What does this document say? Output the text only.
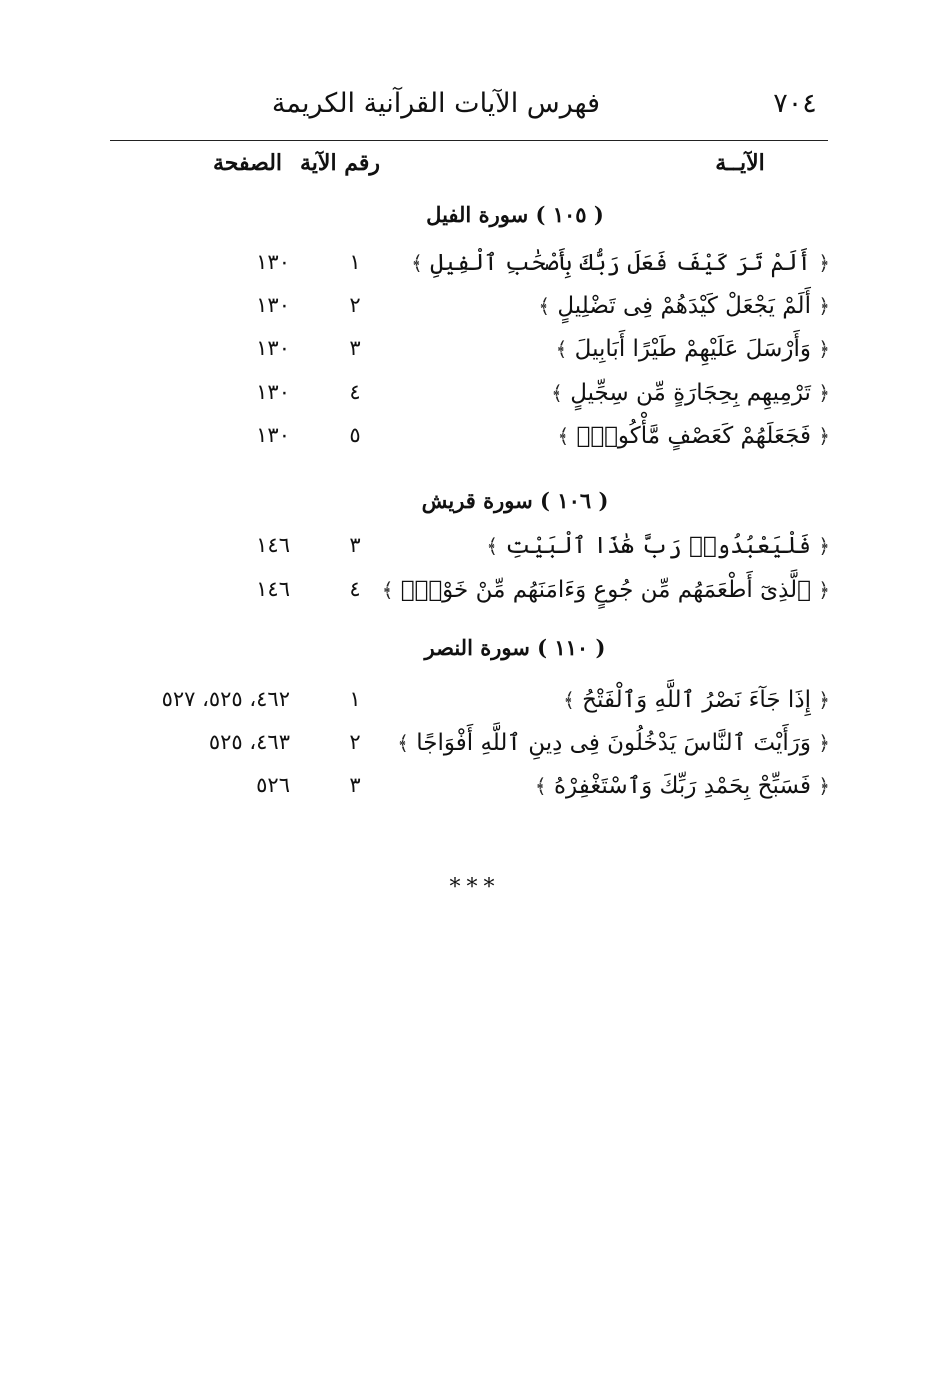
فهرس الآيات القرآنية الكريمة	٧٠٤
الآيــة
رقم الآية
الصفحة
( ١٠٥ ) سورة الفيل
﴿ أَلَمْ تَرَ كَيْفَ فَعَلَ رَبُّكَ بِأَصْحَٰبِ ٱلْفِيلِ ﴾
١
١٣٠
﴿ أَلَمْ يَجْعَلْ كَيْدَهُمْ فِى تَضْلِيلٍ ﴾
٢
١٣٠
﴿ وَأَرْسَلَ عَلَيْهِمْ طَيْرًا أَبَابِيلَ ﴾
٣
١٣٠
﴿ تَرْمِيهِم بِحِجَارَةٍ مِّن سِجِّيلٍ ﴾
٤
١٣٠
﴿ فَجَعَلَهُمْ كَعَصْفٍ مَّأْكُولٍۭ ﴾
٥
١٣٠
( ١٠٦ ) سورة قريش
﴿ فَلْيَعْبُدُوا۟ رَبَّ هَٰذَا ٱلْبَيْتِ ﴾
٣
١٤٦
﴿ ٱلَّذِىٓ أَطْعَمَهُم مِّن جُوعٍ وَءَامَنَهُم مِّنْ خَوْفٍۭ ﴾
٤
١٤٦
( ١١٠ ) سورة النصر
﴿ إِذَا جَآءَ نَصْرُ ٱللَّهِ وَٱلْفَتْحُ ﴾
١
٤٦٢، ٥٢٥، ٥٢٧
﴿ وَرَأَيْتَ ٱلنَّاسَ يَدْخُلُونَ فِى دِينِ ٱللَّهِ أَفْوَاجًا ﴾
٢
٤٦٣، ٥٢٥
﴿ فَسَبِّحْ بِحَمْدِ رَبِّكَ وَٱسْتَغْفِرْهُ ﴾
٣
٥٢٦
***
